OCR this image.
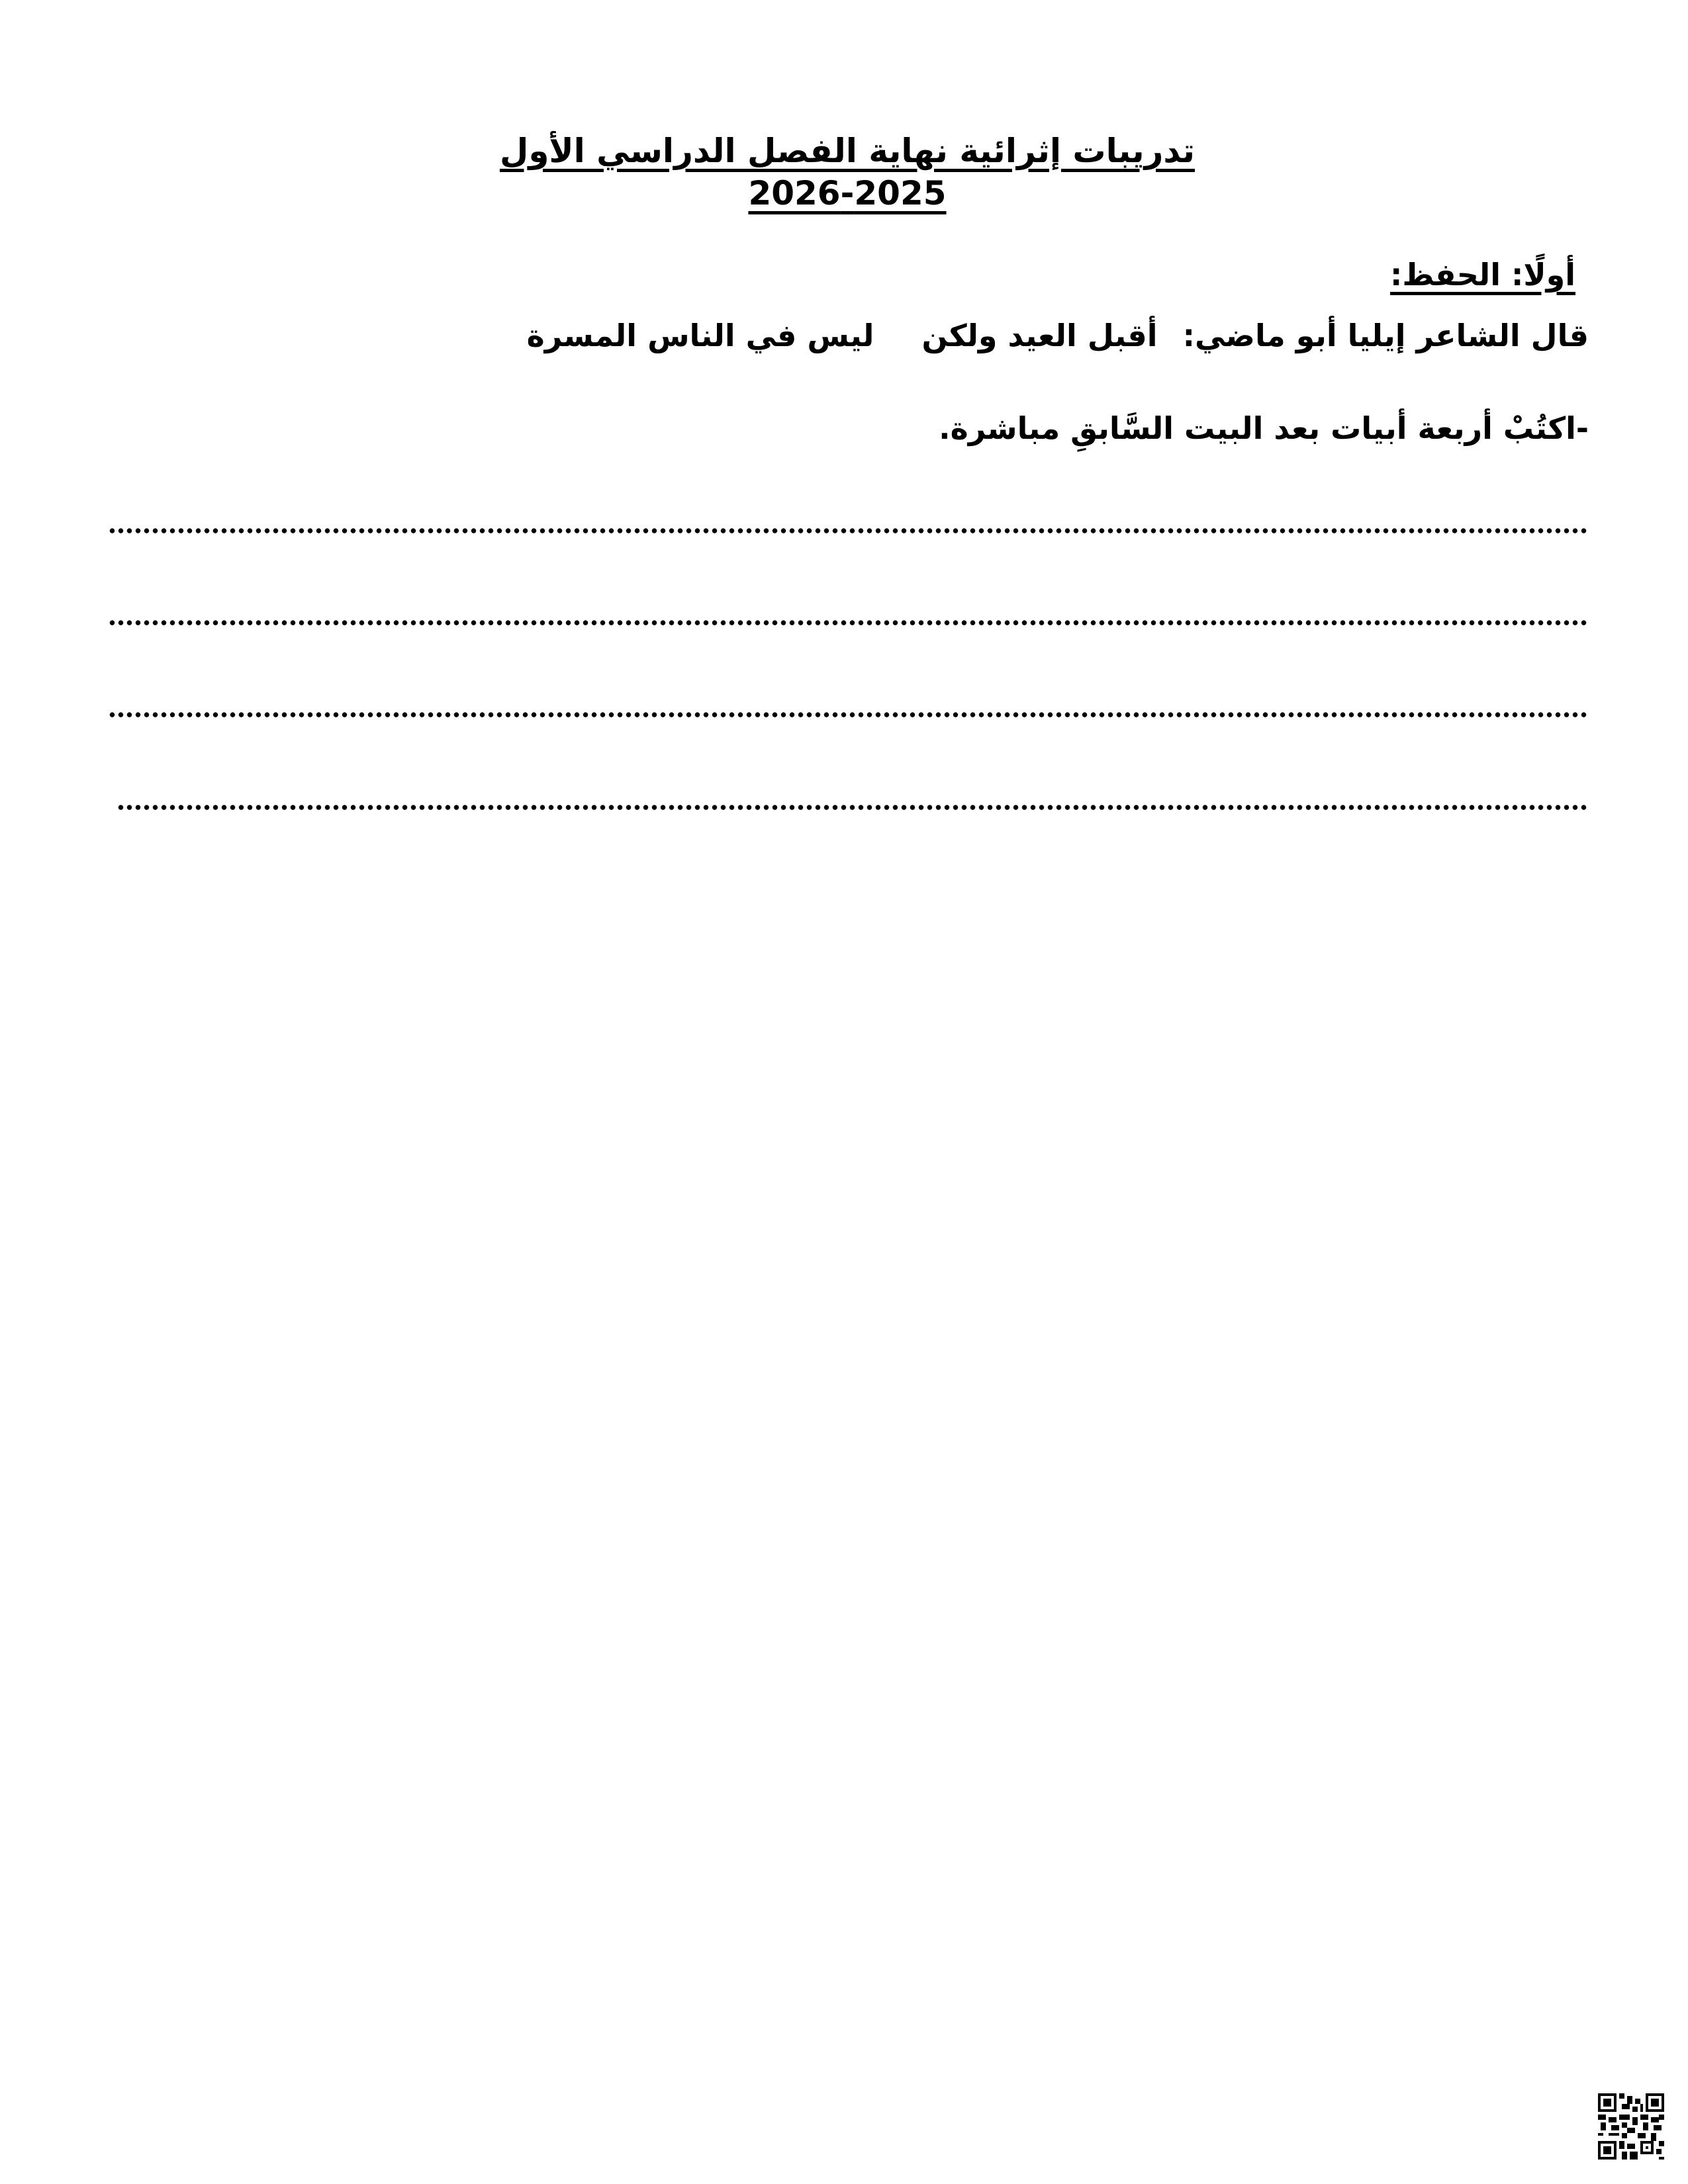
تدريبات إثرائية نهاية الفصل الدراسي الأول 2025-2026
أولًا: الحفظ:
قال الشاعر إيليا أبو ماضي: أقبل العيد ولكن ليس في الناس المسرة
-اكتُبْ أربعة أبيات بعد البيت السَّابقِ مباشرة.
